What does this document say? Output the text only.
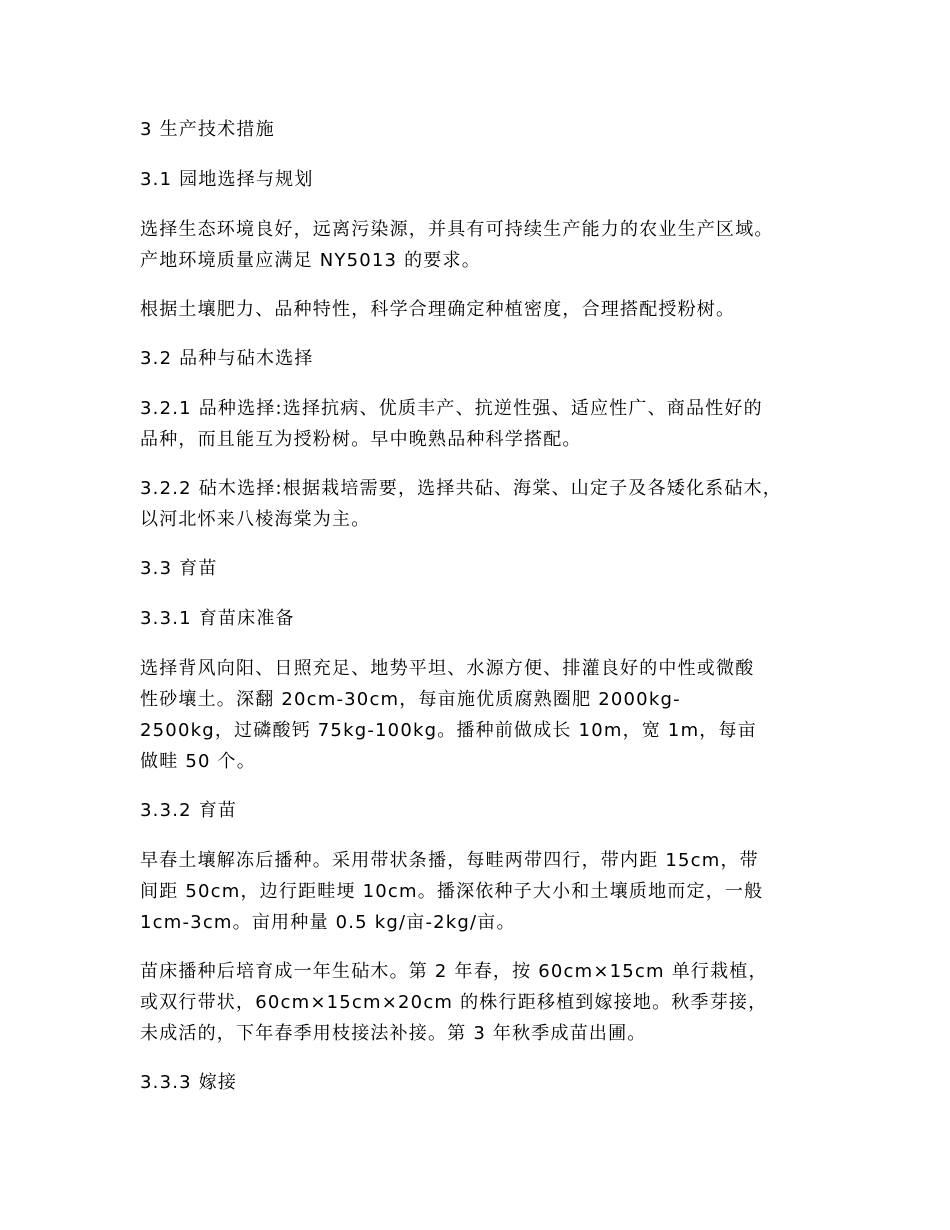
3 生产技术措施
3.1 园地选择与规划
选择生态环境良好，远离污染源，并具有可持续生产能力的农业生产区域。
产地环境质量应满足 NY5013 的要求。
根据土壤肥力、品种特性，科学合理确定种植密度，合理搭配授粉树。
3.2 品种与砧木选择
3.2.1 品种选择:选择抗病、优质丰产、抗逆性强、适应性广、商品性好的
品种，而且能互为授粉树。早中晚熟品种科学搭配。
3.2.2 砧木选择:根据栽培需要，选择共砧、海棠、山定子及各矮化系砧木，
以河北怀来八棱海棠为主。
3.3 育苗
3.3.1 育苗床准备
选择背风向阳、日照充足、地势平坦、水源方便、排灌良好的中性或微酸
性砂壤土。深翻 20cm-30cm，每亩施优质腐熟圈肥 2000kg-
2500kg，过磷酸钙 75kg-100kg。播种前做成长 10m，宽 1m，每亩
做畦 50 个。
3.3.2 育苗
早春土壤解冻后播种。采用带状条播，每畦两带四行，带内距 15cm，带
间距 50cm，边行距畦埂 10cm。播深依种子大小和土壤质地而定，一般
1cm-3cm。亩用种量 0.5 kg/亩-2kg/亩。
苗床播种后培育成一年生砧木。第 2 年春，按 60cm×15cm 单行栽植，
或双行带状，60cm×15cm×20cm 的株行距移植到嫁接地。秋季芽接，
未成活的，下年春季用枝接法补接。第 3 年秋季成苗出圃。
3.3.3 嫁接
